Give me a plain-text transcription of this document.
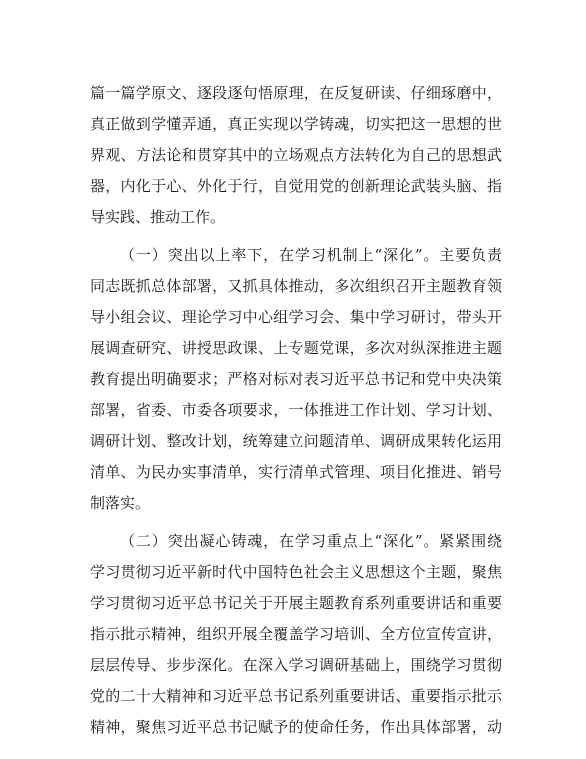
篇一篇学原文、逐段逐句悟原理，在反复研读、仔细琢磨中，
真正做到学懂弄通，真正实现以学铸魂，切实把这一思想的世
界观、方法论和贯穿其中的立场观点方法转化为自己的思想武
器，内化于心、外化于行，自觉用党的创新理论武装头脑、指
导实践、推动工作。
（一）突出以上率下，在学习机制上“深化”。主要负责
同志既抓总体部署，又抓具体推动，多次组织召开主题教育领
导小组会议、理论学习中心组学习会、集中学习研讨，带头开
展调查研究、讲授思政课、上专题党课，多次对纵深推进主题
教育提出明确要求；严格对标对表习近平总书记和党中央决策
部署，省委、市委各项要求，一体推进工作计划、学习计划、
调研计划、整改计划，统筹建立问题清单、调研成果转化运用
清单、为民办实事清单，实行清单式管理、项目化推进、销号
制落实。
（二）突出凝心铸魂，在学习重点上“深化”。紧紧围绕
学习贯彻习近平新时代中国特色社会主义思想这个主题，聚焦
学习贯彻习近平总书记关于开展主题教育系列重要讲话和重要
指示批示精神，组织开展全覆盖学习培训、全方位宣传宣讲，
层层传导、步步深化。在深入学习调研基础上，围绕学习贯彻
党的二十大精神和习近平总书记系列重要讲话、重要指示批示
精神，聚焦习近平总书记赋予的使命任务，作出具体部署，动
